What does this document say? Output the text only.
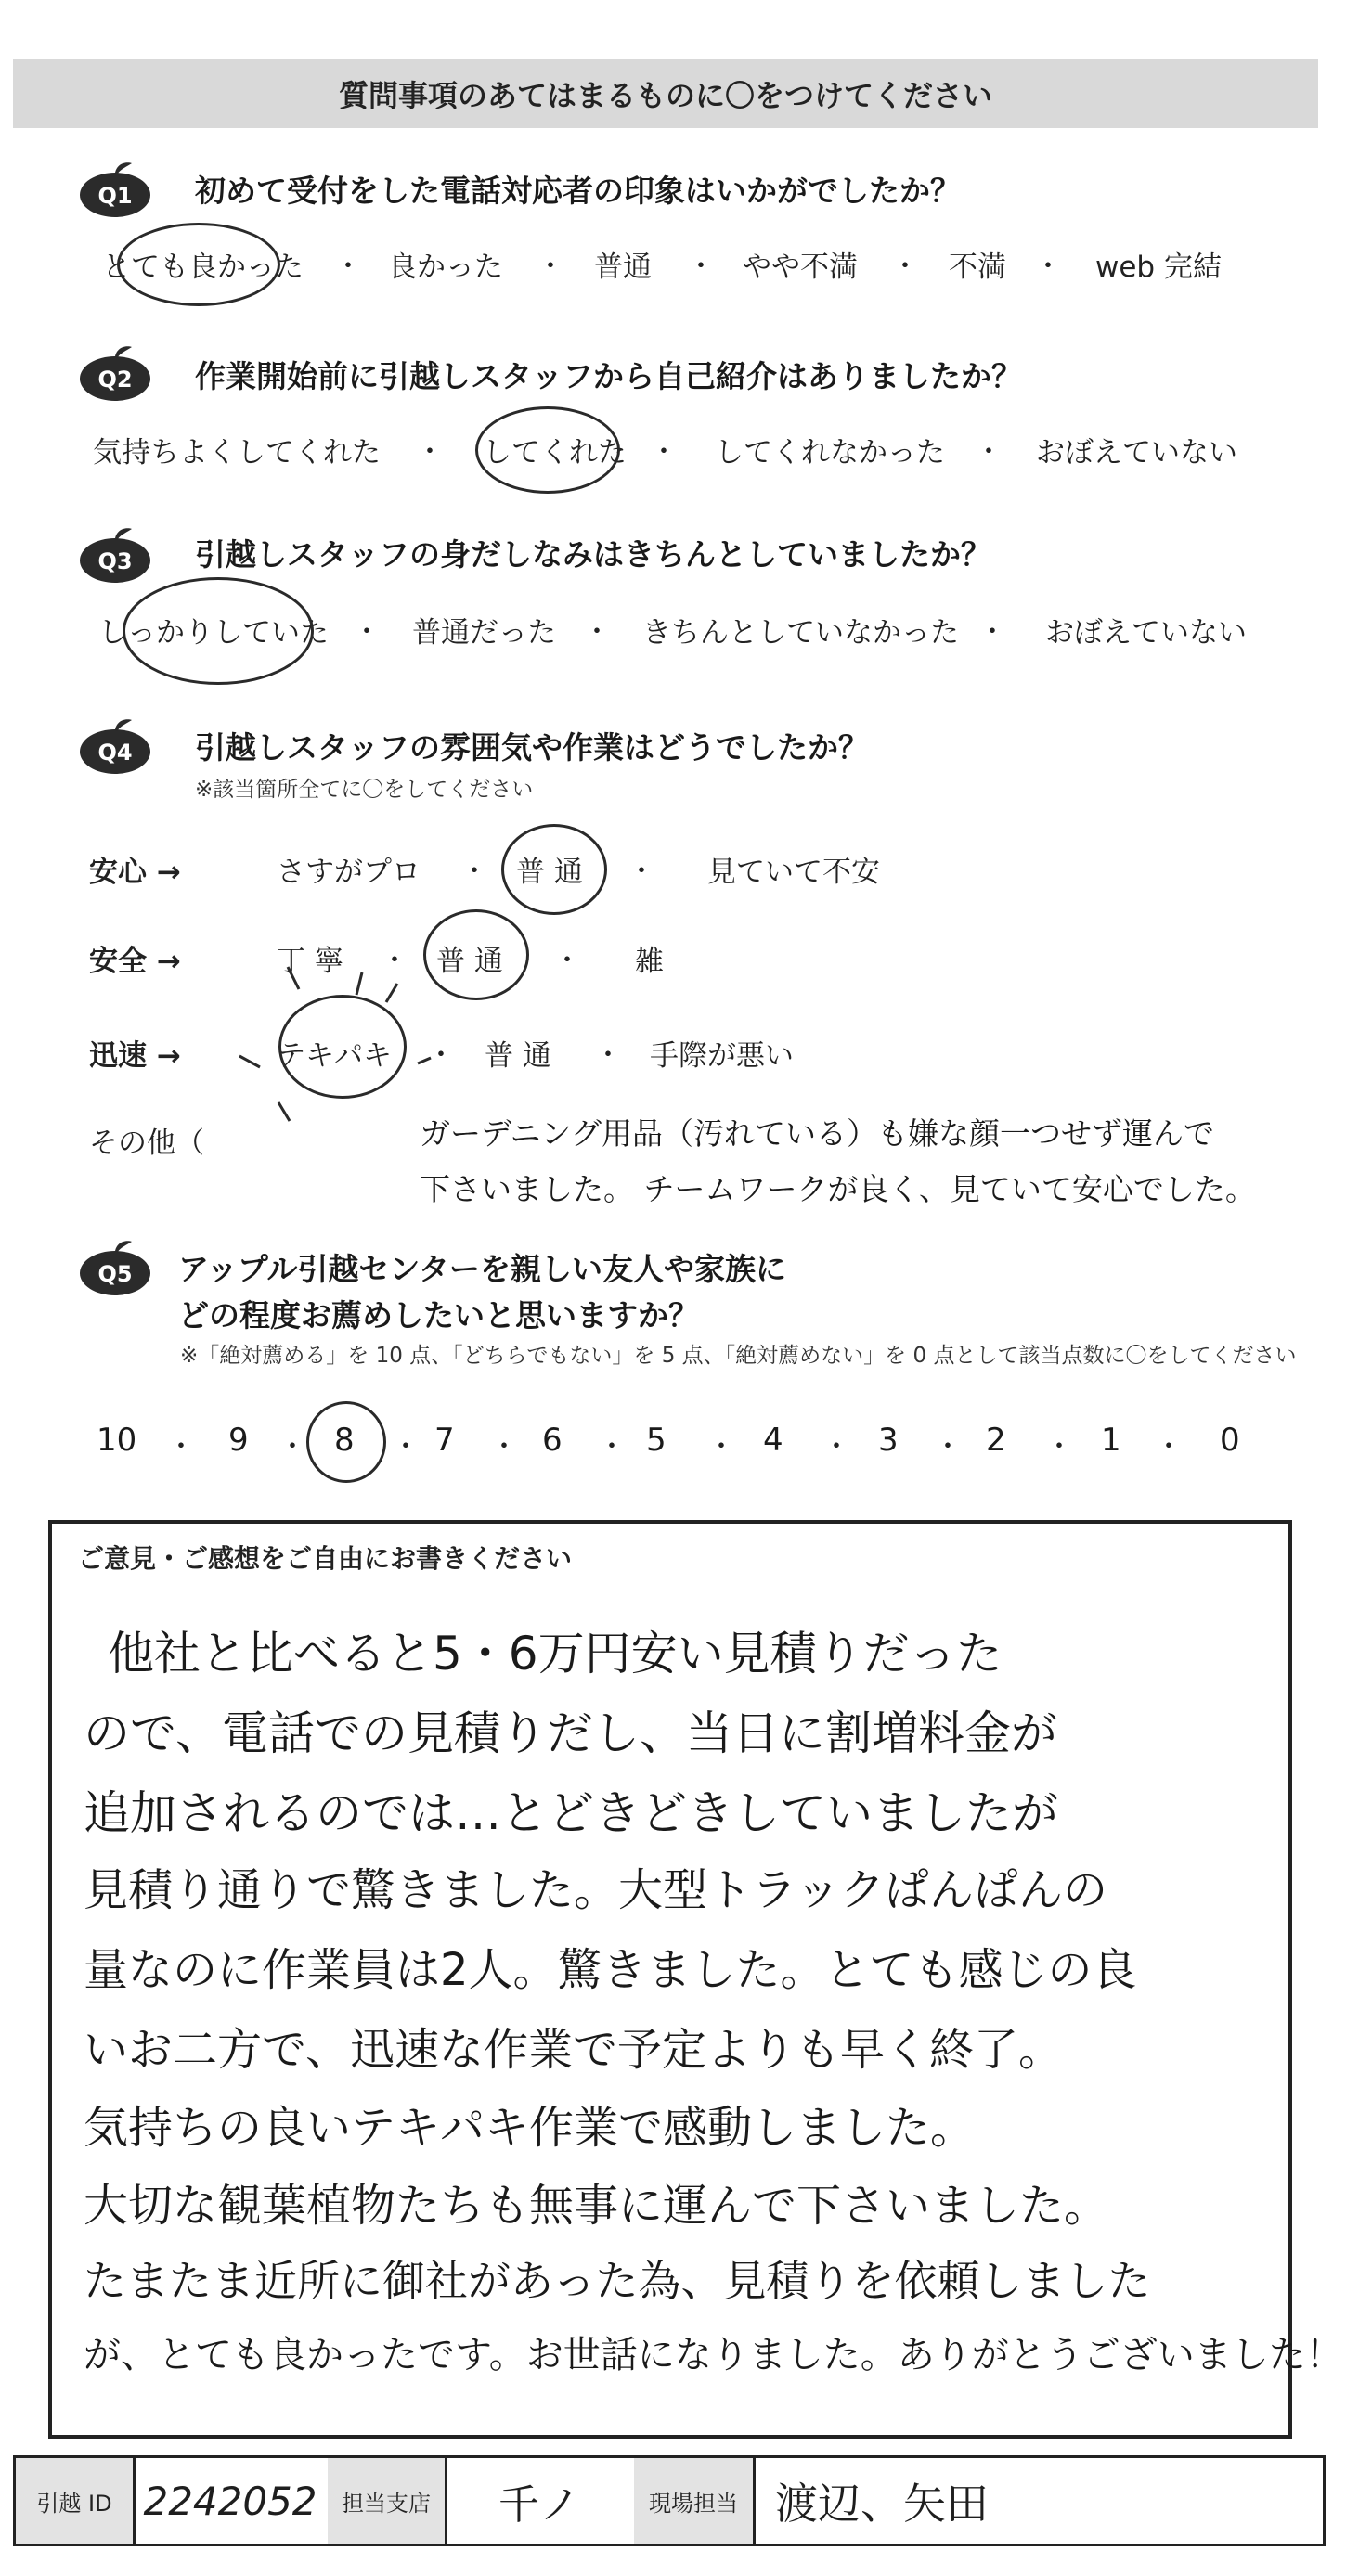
質問事項のあてはまるものに〇をつけてください
Q1 初めて受付をした電話対応者の印象はいかがでしたか？
とても良かった ・ 良かった ・ 普通 ・ やや不満 ・ 不満 ・ web 完結
Q2 作業開始前に引越しスタッフから自己紹介はありましたか？
気持ちよくしてくれた ・ してくれた ・ してくれなかった ・ おぼえていない
Q3 引越しスタッフの身だしなみはきちんとしていましたか？
しっかりしていた ・ 普通だった ・ きちんとしていなかった ・ おぼえていない
Q4 引越しスタッフの雰囲気や作業はどうでしたか？
※該当箇所全てに〇をしてください
安心 →	さすがプロ ・ 普 通 ・ 見ていて不安
安全 →	丁 寧 ・ 普 通 ・ 雑
迅速 →	テキパキ ・ 普 通 ・ 手際が悪い
その他（	ガーデニング用品（汚れている）も嫌な顔一つせず運んで
下さいました。 チームワークが良く、見ていて安心でした。
Q5 アップル引越センターを親しい友人や家族に
どの程度お薦めしたいと思いますか？
※「絶対薦める」を 10 点、「どちらでもない」を 5 点、「絶対薦めない」を 0 点として該当点数に〇をしてください
10 ・ 9 ・ 8 ・ 7 ・ 6 ・ 5 ・ 4 ・ 3 ・ 2 ・ 1 ・ 0
ご意見・ご感想をご自由にお書きください
他社と比べると5・6万円安い見積りだった
ので、電話での見積りだし、当日に割増料金が
追加されるのでは…とどきどきしていましたが
見積り通りで驚きました。大型トラックぱんぱんの
量なのに作業員は2人。驚きました。とても感じの良
いお二方で、迅速な作業で予定よりも早く終了。
気持ちの良いテキパキ作業で感動しました。
大切な観葉植物たちも無事に運んで下さいました。
たまたま近所に御社があった為、見積りを依頼しました
が、とても良かったです。お世話になりました。ありがとうございました！
引越 ID 2242052	担当支店	千ノ	現場担当 渡辺、矢田
